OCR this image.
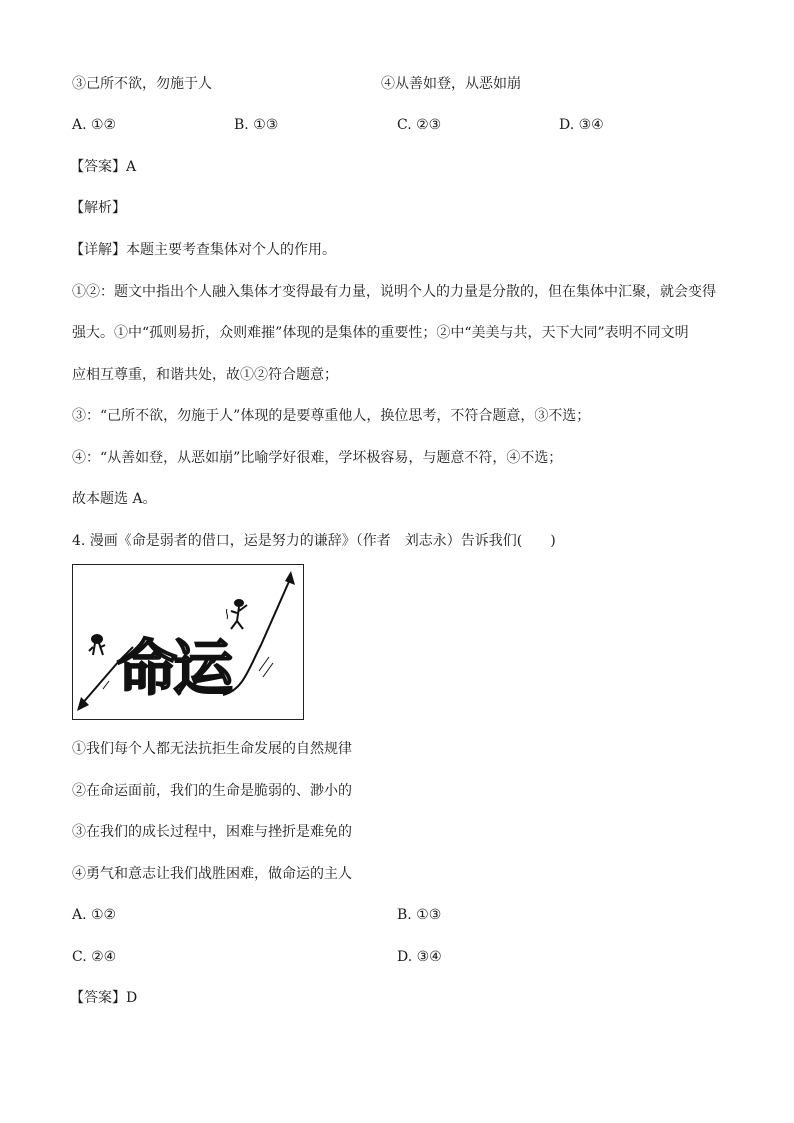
③己所不欲，勿施于人	④从善如登，从恶如崩
A. ①②	B. ①③	C. ②③	D. ③④
【答案】A
【解析】
【详解】本题主要考查集体对个人的作用。
①②：题文中指出个人融入集体才变得最有力量，说明个人的力量是分散的，但在集体中汇聚，就会变得
强大。①中“孤则易折，众则难摧”体现的是集体的重要性；②中“美美与共，天下大同”表明不同文明
应相互尊重，和谐共处，故①②符合题意；
③：“己所不欲，勿施于人”体现的是要尊重他人，换位思考，不符合题意，③不选；
④：“从善如登，从恶如崩”比喻学好很难，学坏极容易，与题意不符，④不选；
故本题选 A。
4. 漫画《命是弱者的借口，运是努力的谦辞》（作者　刘志永）告诉我们(　　)
命
运
①我们每个人都无法抗拒生命发展的自然规律
②在命运面前，我们的生命是脆弱的、渺小的
③在我们的成长过程中，困难与挫折是难免的
④勇气和意志让我们战胜困难，做命运的主人
A. ①②	B. ①③
C. ②④	D. ③④
【答案】D
